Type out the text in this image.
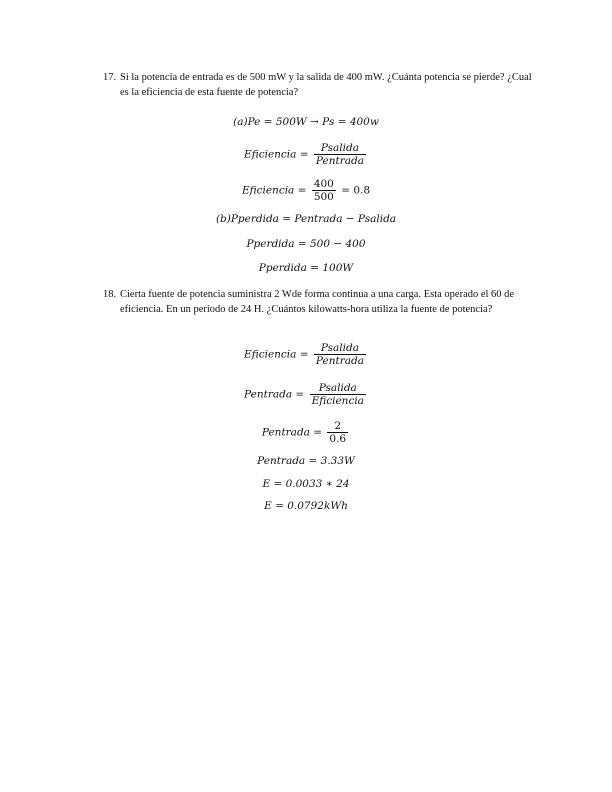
17. Si la potencia de entrada es de 500 mW y la salida de 400 mW. ¿Cuánta potencia se pierde? ¿Cual es la eficiencia de esta fuente de potencia?
(a)Pe = 500W → Ps = 400w
Eficiencia = $\frac{\text{Psalida}}{\text{Pentrada}}$
Eficiencia = $\frac{400}{500} = 0.8$
(b)Pperdida = Pentrada − Psalida
Pperdida = 500 − 400
Pperdida = 100W
18. Cierta fuente de potencia suministra 2 Wde forma continua a una carga. Esta operado el 60 de eficiencia. En un periodo de 24 H. ¿Cuántos kilowatts-hora utiliza la fuente de potencia?
Eficiencia = $\frac{\text{Psalida}}{\text{Pentrada}}$
Pentrada = $\frac{\text{Psalida}}{\text{Eficiencia}}$
Pentrada = $\frac{2}{0.6}$
Pentrada = 3.33W
E = 0.0033 ∗ 24
E = 0.0792kWh
